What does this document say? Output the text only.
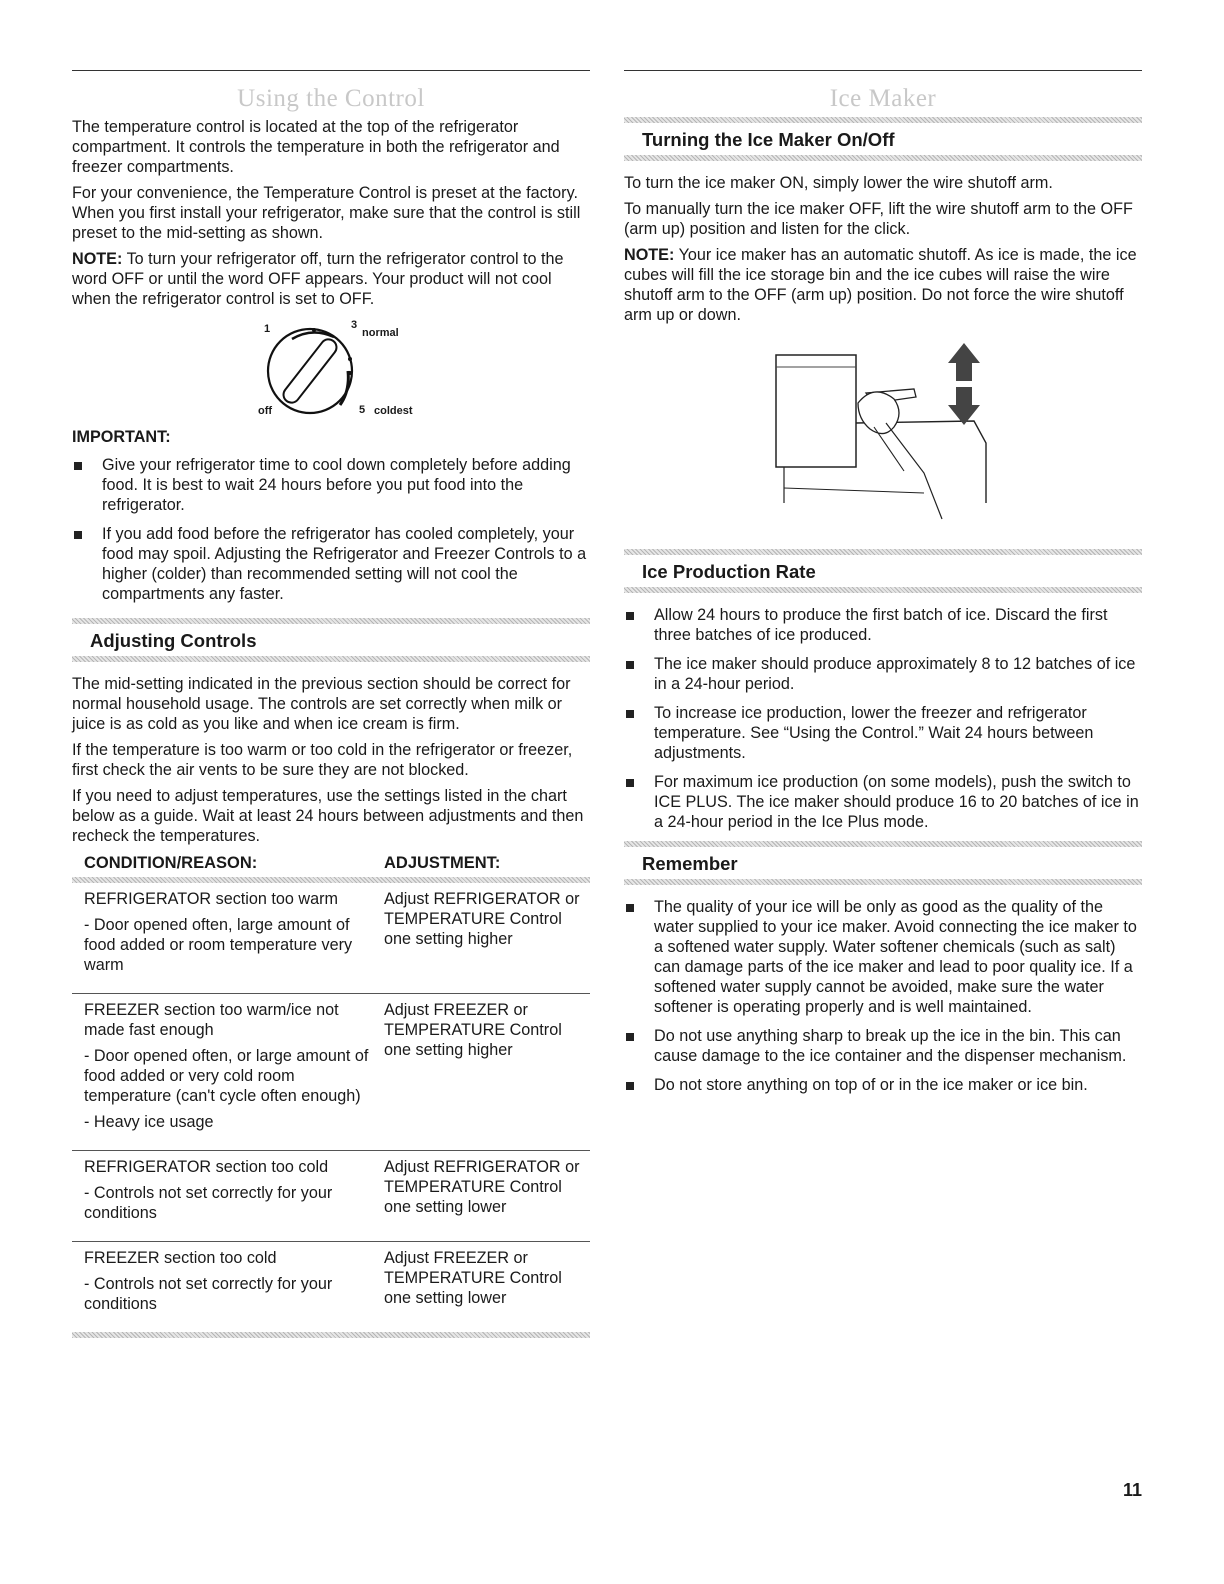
Using the Control

The temperature control is located at the top of the refrigerator compartment. It controls the temperature in both the refrigerator and freezer compartments.

For your convenience, the Temperature Control is preset at the factory. When you first install your refrigerator, make sure that the control is still preset to the mid-setting as shown.

NOTE: To turn your refrigerator off, turn the refrigerator control to the word OFF or until the word OFF appears. Your product will not cool when the refrigerator control is set to OFF.

1	3
normal
off	5 coldest

IMPORTANT:

Give your refrigerator time to cool down completely before adding food. It is best to wait 24 hours before you put food into the refrigerator.
If you add food before the refrigerator has cooled completely, your food may spoil. Adjusting the Refrigerator and Freezer Controls to a higher (colder) than recommended setting will not cool the compartments any faster.
Adjusting Controls

The mid-setting indicated in the previous section should be correct for normal household usage. The controls are set correctly when milk or juice is as cold as you like and when ice cream is firm.

If the temperature is too warm or too cold in the refrigerator or freezer, first check the air vents to be sure they are not blocked.

If you need to adjust temperatures, use the settings listed in the chart below as a guide. Wait at least 24 hours between adjustments and then recheck the temperatures.

CONDITION/REASON:	ADJUSTMENT:

REFRIGERATOR section too warm
- Door opened often, large amount of food added or room temperature very warm	Adjust REFRIGERATOR or TEMPERATURE Control one setting higher

FREEZER section too warm/ice not made fast enough
- Door opened often, or large amount of food added or very cold room temperature (can't cycle often enough)
- Heavy ice usage	Adjust FREEZER or TEMPERATURE Control one setting higher

REFRIGERATOR section too cold
- Controls not set correctly for your conditions	Adjust REFRIGERATOR or TEMPERATURE Control one setting lower

FREEZER section too cold
- Controls not set correctly for your conditions	Adjust FREEZER or TEMPERATURE Control one setting lower

Ice Maker
Turning the Ice Maker On/Off

To turn the ice maker ON, simply lower the wire shutoff arm.

To manually turn the ice maker OFF, lift the wire shutoff arm to the OFF (arm up) position and listen for the click.

NOTE: Your ice maker has an automatic shutoff. As ice is made, the ice cubes will fill the ice storage bin and the ice cubes will raise the wire shutoff arm to the OFF (arm up) position. Do not force the wire shutoff arm up or down.

Ice Production Rate
Allow 24 hours to produce the first batch of ice. Discard the first three batches of ice produced.
The ice maker should produce approximately 8 to 12 batches of ice in a 24-hour period.
To increase ice production, lower the freezer and refrigerator temperature. See “Using the Control.” Wait 24 hours between adjustments.
For maximum ice production (on some models), push the switch to ICE PLUS. The ice maker should produce 16 to 20 batches of ice in a 24-hour period in the Ice Plus mode.
Remember
The quality of your ice will be only as good as the quality of the water supplied to your ice maker. Avoid connecting the ice maker to a softened water supply. Water softener chemicals (such as salt) can damage parts of the ice maker and lead to poor quality ice. If a softened water supply cannot be avoided, make sure the water softener is operating properly and is well maintained.
Do not use anything sharp to break up the ice in the bin. This can cause damage to the ice container and the dispenser mechanism.
Do not store anything on top of or in the ice maker or ice bin.
11
